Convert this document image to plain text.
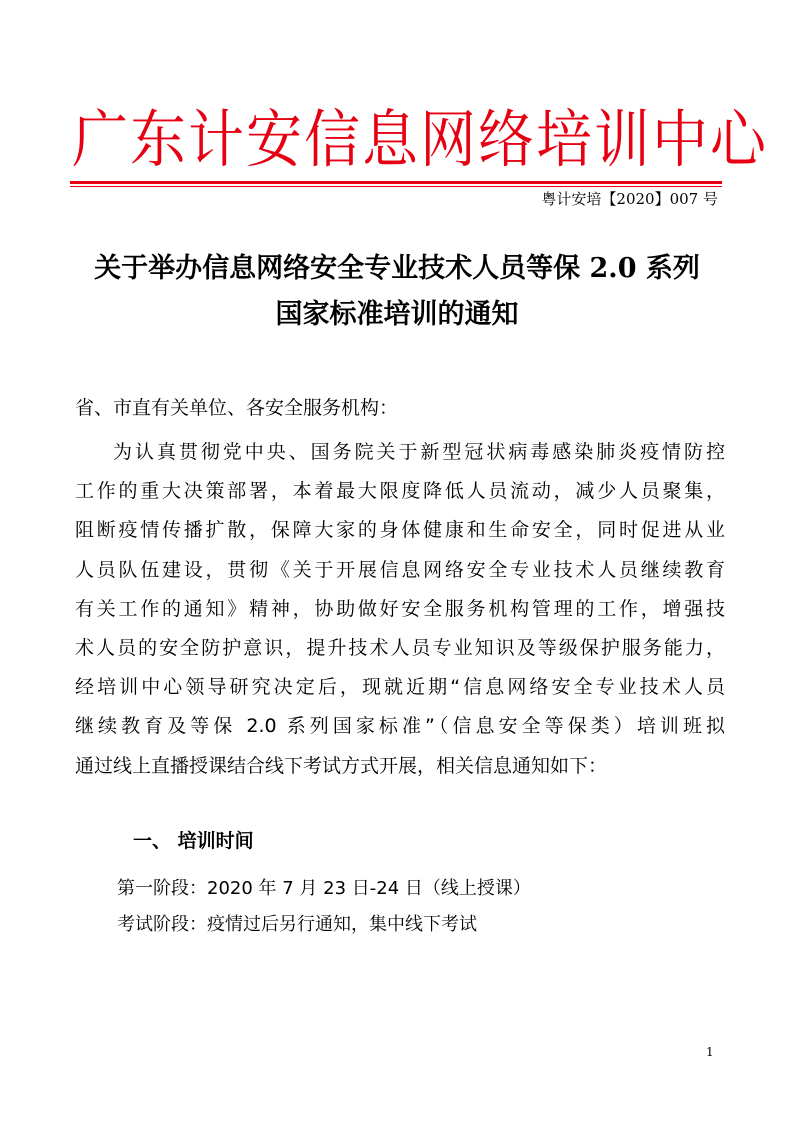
广东计安信息网络培训中心
粤计安培【2020】007 号
关于举办信息网络安全专业技术人员等保 2.0 系列
国家标准培训的通知
省、市直有关单位、各安全服务机构：
为认真贯彻党中央、国务院关于新型冠状病毒感染肺炎疫情防控
工作的重大决策部署，本着最大限度降低人员流动，减少人员聚集，
阻断疫情传播扩散，保障大家的身体健康和生命安全，同时促进从业
人员队伍建设，贯彻《关于开展信息网络安全专业技术人员继续教育
有关工作的通知》精神，协助做好安全服务机构管理的工作，增强技
术人员的安全防护意识，提升技术人员专业知识及等级保护服务能力，
经培训中心领导研究决定后，现就近期“信息网络安全专业技术人员
继续教育及等保 2.0 系列国家标准”（信息安全等保类）培训班拟
通过线上直播授课结合线下考试方式开展，相关信息通知如下：
一、 培训时间
第一阶段：2020 年 7 月 23 日-24 日（线上授课）
考试阶段：疫情过后另行通知，集中线下考试
1
